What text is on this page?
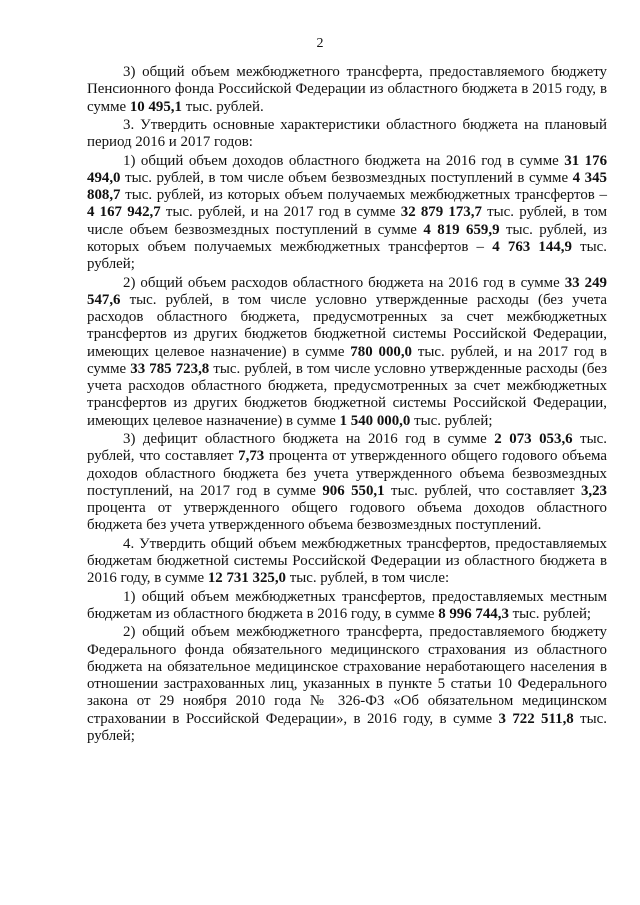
2

3) общий объем межбюджетного трансферта, предоставляемого бюджету Пенсионного фонда Российской Федерации из областного бюджета в 2015 году, в сумме 10 495,1 тыс. рублей.

3. Утвердить основные характеристики областного бюджета на плановый период 2016 и 2017 годов:

1) общий объем доходов областного бюджета на 2016 год в сумме 31 176 494,0 тыс. рублей, в том числе объем безвозмездных поступлений в сумме 4 345 808,7 тыс. рублей, из которых объем получаемых межбюджетных трансфертов – 4 167 942,7 тыс. рублей, и на 2017 год в сумме 32 879 173,7 тыс. рублей, в том числе объем безвозмездных поступлений в сумме 4 819 659,9 тыс. рублей, из которых объем получаемых межбюджетных трансфертов – 4 763 144,9 тыс. рублей;

2) общий объем расходов областного бюджета на 2016 год в сумме 33 249 547,6 тыс. рублей, в том числе условно утвержденные расходы (без учета расходов областного бюджета, предусмотренных за счет межбюджетных трансфертов из других бюджетов бюджетной системы Российской Федерации, имеющих целевое назначение) в сумме 780 000,0 тыс. рублей, и на 2017 год в сумме 33 785 723,8 тыс. рублей, в том числе условно утвержденные расходы (без учета расходов областного бюджета, предусмотренных за счет межбюджетных трансфертов из других бюджетов бюджетной системы Российской Федерации, имеющих целевое назначение) в сумме 1 540 000,0 тыс. рублей;

3) дефицит областного бюджета на 2016 год в сумме 2 073 053,6 тыс. рублей, что составляет 7,73 процента от утвержденного общего годового объема доходов областного бюджета без учета утвержденного объема безвозмездных поступлений, на 2017 год в сумме 906 550,1 тыс. рублей, что составляет 3,23 процента от утвержденного общего годового объема доходов областного бюджета без учета утвержденного объема безвозмездных поступлений.

4. Утвердить общий объем межбюджетных трансфертов, предоставляемых бюджетам бюджетной системы Российской Федерации из областного бюджета в 2016 году, в сумме 12 731 325,0 тыс. рублей, в том числе:

1) общий объем межбюджетных трансфертов, предоставляемых местным бюджетам из областного бюджета в 2016 году, в сумме 8 996 744,3 тыс. рублей;

2) общий объем межбюджетного трансферта, предоставляемого бюджету Федерального фонда обязательного медицинского страхования из областного бюджета на обязательное медицинское страхование неработающего населения в отношении застрахованных лиц, указанных в пункте 5 статьи 10 Федерального закона от 29 ноября 2010 года № 326-ФЗ «Об обязательном медицинском страховании в Российской Федерации», в 2016 году, в сумме 3 722 511,8 тыс. рублей;
